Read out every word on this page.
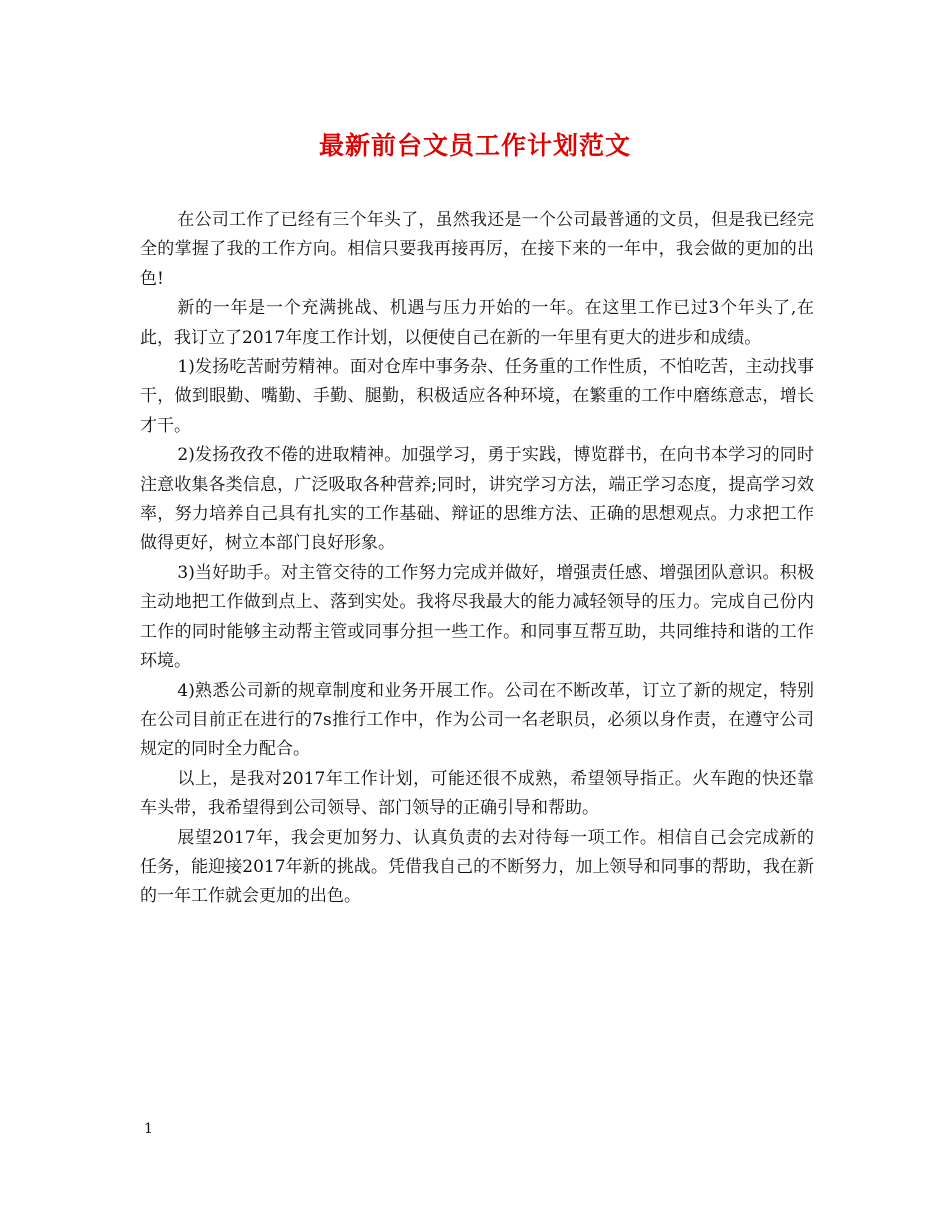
最新前台文员工作计划范文

在公司工作了已经有三个年头了，虽然我还是一个公司最普通的文员，但是我已经完全的掌握了我的工作方向。相信只要我再接再厉，在接下来的一年中，我会做的更加的出色!

新的一年是一个充满挑战、机遇与压力开始的一年。在这里工作已过3个年头了,在此，我订立了2017年度工作计划，以便使自己在新的一年里有更大的进步和成绩。

1)发扬吃苦耐劳精神。面对仓库中事务杂、任务重的工作性质，不怕吃苦，主动找事干，做到眼勤、嘴勤、手勤、腿勤，积极适应各种环境，在繁重的工作中磨练意志，增长才干。

2)发扬孜孜不倦的进取精神。加强学习，勇于实践，博览群书，在向书本学习的同时注意收集各类信息，广泛吸取各种营养;同时，讲究学习方法，端正学习态度，提高学习效率，努力培养自己具有扎实的工作基础、辩证的思维方法、正确的思想观点。力求把工作做得更好，树立本部门良好形象。

3)当好助手。对主管交待的工作努力完成并做好，增强责任感、增强团队意识。积极主动地把工作做到点上、落到实处。我将尽我最大的能力减轻领导的压力。完成自己份内工作的同时能够主动帮主管或同事分担一些工作。和同事互帮互助，共同维持和谐的工作环境。

4)熟悉公司新的规章制度和业务开展工作。公司在不断改革，订立了新的规定，特别在公司目前正在进行的7s推行工作中，作为公司一名老职员，必须以身作责，在遵守公司规定的同时全力配合。

以上，是我对2017年工作计划，可能还很不成熟，希望领导指正。火车跑的快还靠车头带，我希望得到公司领导、部门领导的正确引导和帮助。

展望2017年，我会更加努力、认真负责的去对待每一项工作。相信自己会完成新的任务，能迎接2017年新的挑战。凭借我自己的不断努力，加上领导和同事的帮助，我在新的一年工作就会更加的出色。

1
